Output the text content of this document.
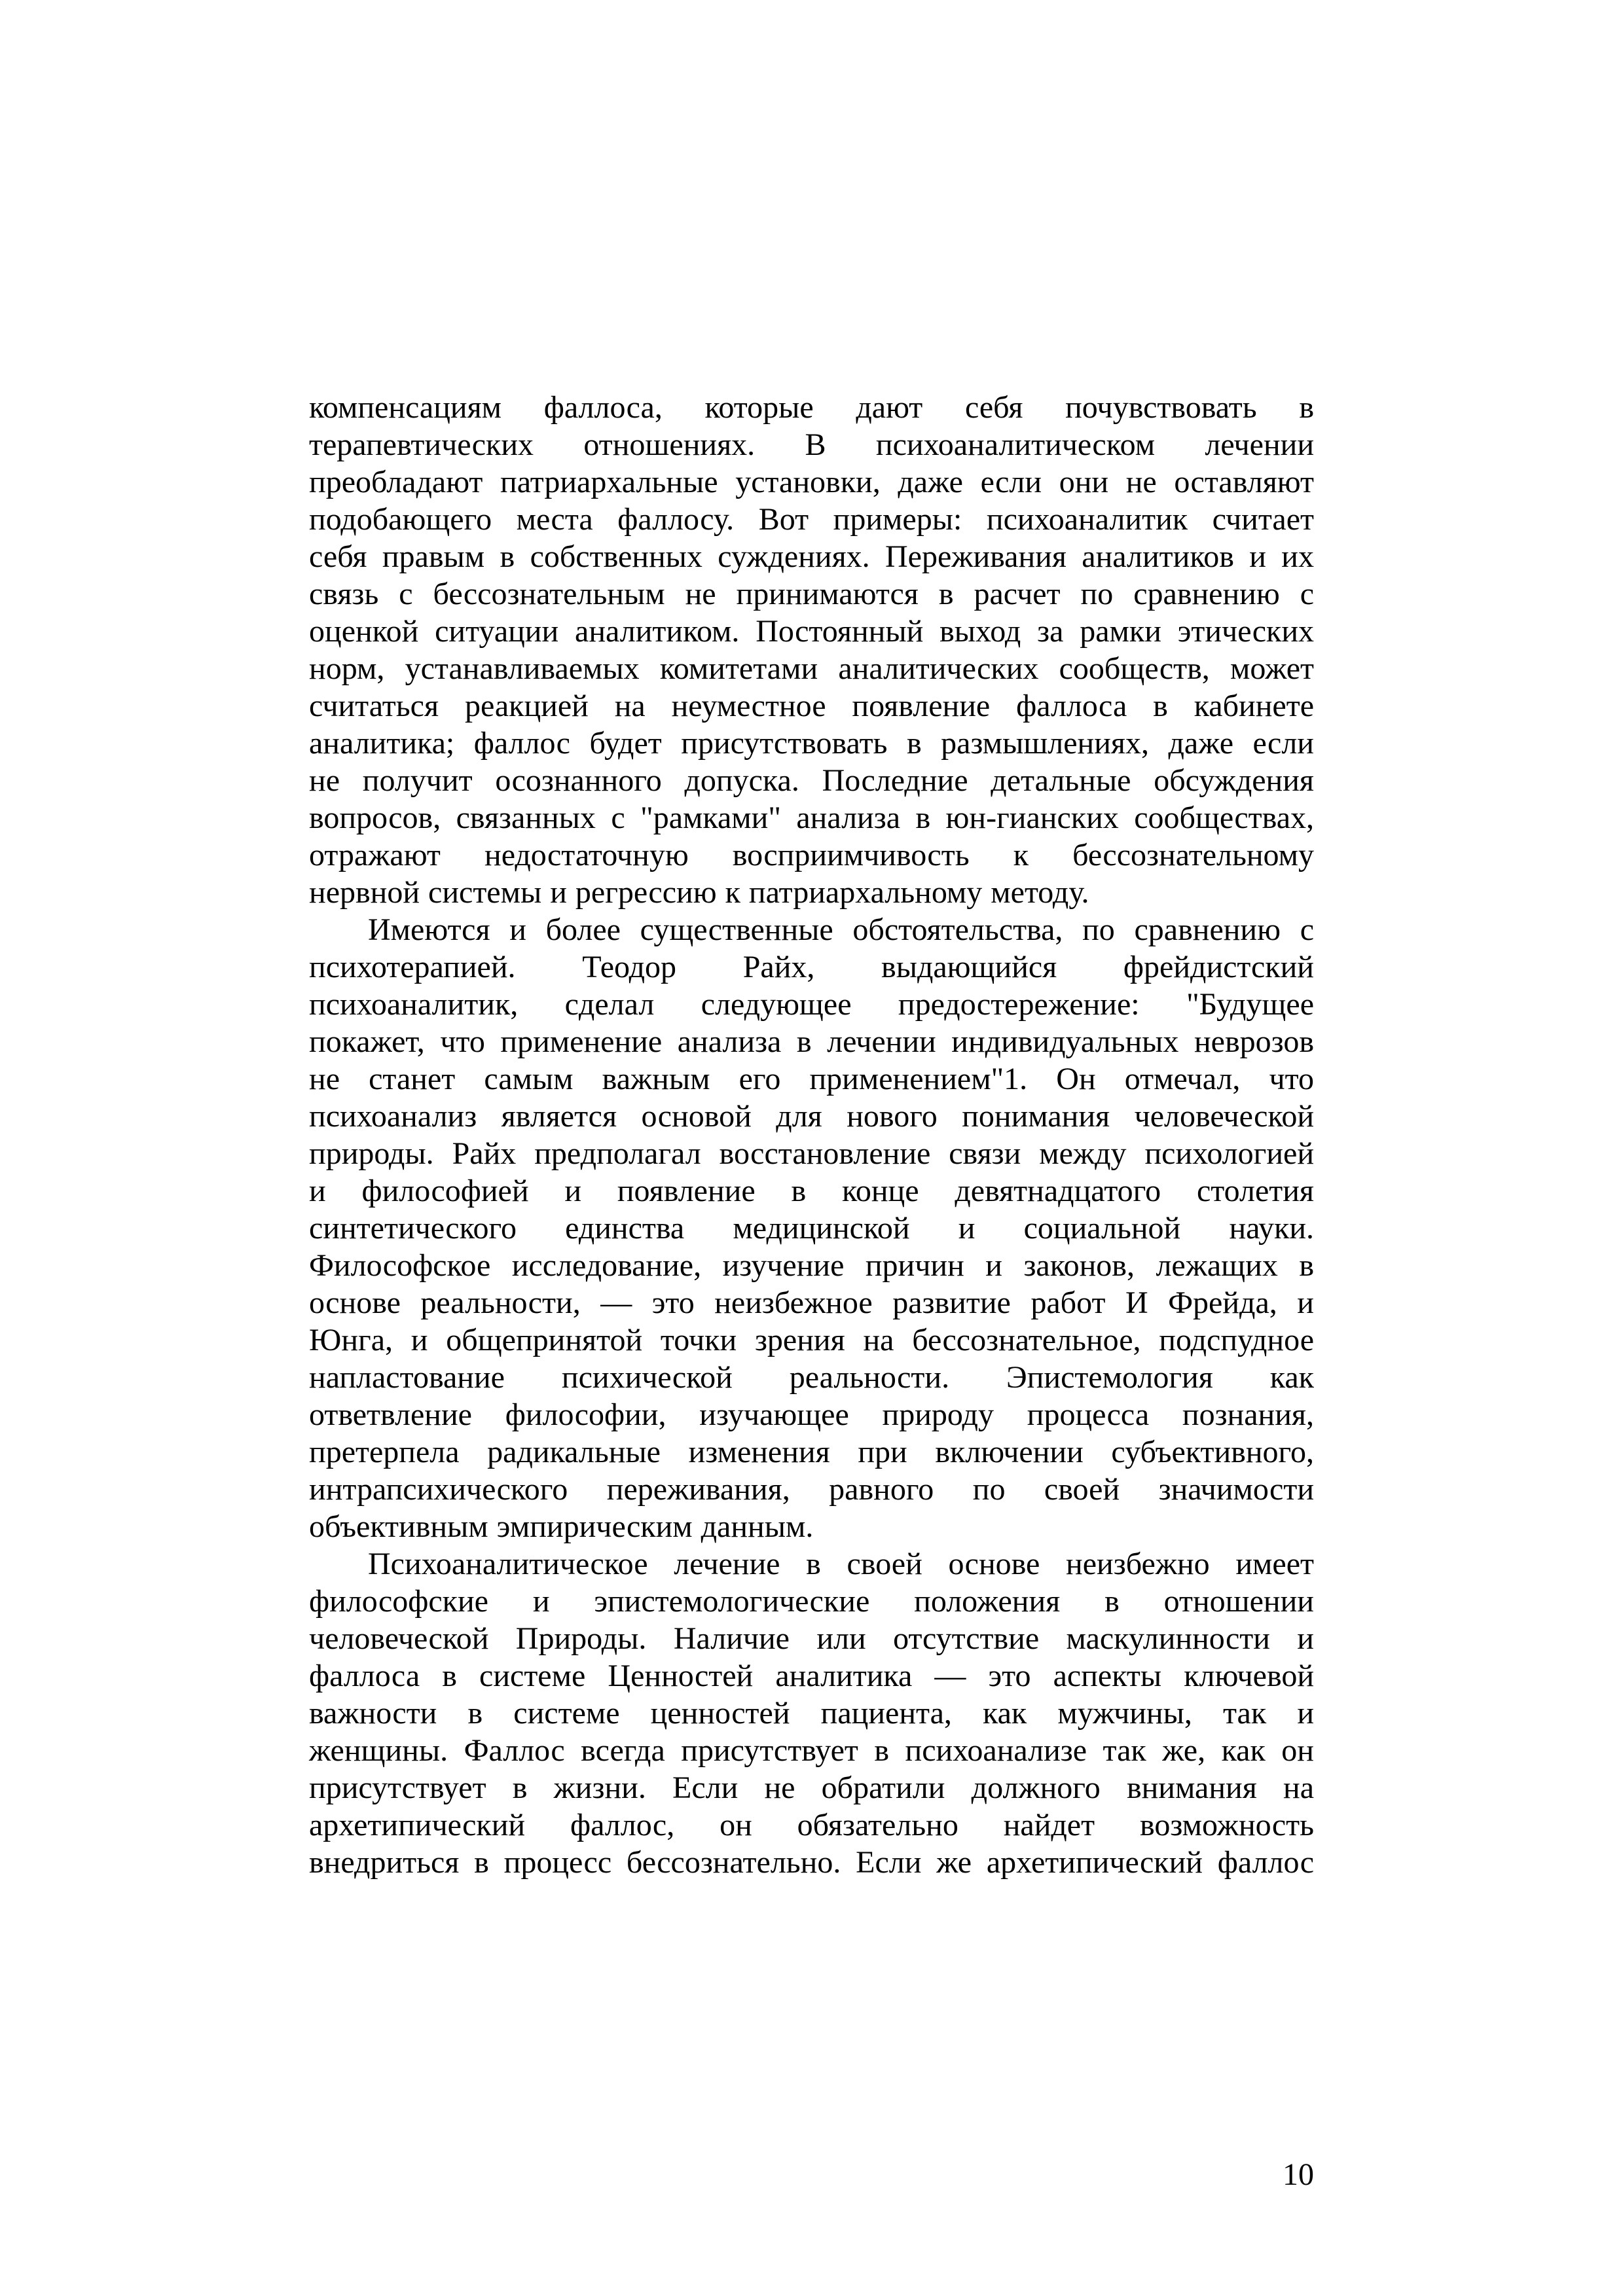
компенсациям фаллоса, которые дают себя почувствовать в
терапевтических отношениях. В психоаналитическом лечении
преобладают патриархальные установки, даже если они не оставляют
подобающего места фаллосу. Вот примеры: психоаналитик считает
себя правым в собственных суждениях. Переживания аналитиков и их
связь с бессознательным не принимаются в расчет по сравнению с
оценкой ситуации аналитиком. Постоянный выход за рамки этических
норм, устанавливаемых комитетами аналитических сообществ, может
считаться реакцией на неуместное появление фаллоса в кабинете
аналитика; фаллос будет присутствовать в размышлениях, даже если
не получит осознанного допуска. Последние детальные обсуждения
вопросов, связанных с "рамками" анализа в юн-гианских сообществах,
отражают недостаточную восприимчивость к бессознательному
нервной системы и регрессию к патриархальному методу.
Имеются и более существенные обстоятельства, по сравнению с
психотерапией. Теодор Райх, выдающийся фрейдистский
психоаналитик, сделал следующее предостережение: "Будущее
покажет, что применение анализа в лечении индивидуальных неврозов
не станет самым важным его применением"1. Он отмечал, что
психоанализ является основой для нового понимания человеческой
природы. Райх предполагал восстановление связи между психологией
и философией и появление в конце девятнадцатого столетия
синтетического единства медицинской и социальной науки.
Философское исследование, изучение причин и законов, лежащих в
основе реальности, — это неизбежное развитие работ И Фрейда, и
Юнга, и общепринятой точки зрения на бессознательное, подспудное
напластование психической реальности. Эпистемология как
ответвление философии, изучающее природу процесса познания,
претерпела радикальные изменения при включении субъективного,
интрапсихического переживания, равного по своей значимости
объективным эмпирическим данным.
Психоаналитическое лечение в своей основе неизбежно имеет
философские и эпистемологические положения в отношении
человеческой Природы. Наличие или отсутствие маскулинности и
фаллоса в системе Ценностей аналитика — это аспекты ключевой
важности в системе ценностей пациента, как мужчины, так и
женщины. Фаллос всегда присутствует в психоанализе так же, как он
присутствует в жизни. Если не обратили должного внимания на
архетипический фаллос, он обязательно найдет возможность
внедриться в процесс бессознательно. Если же архетипический фаллос
10
